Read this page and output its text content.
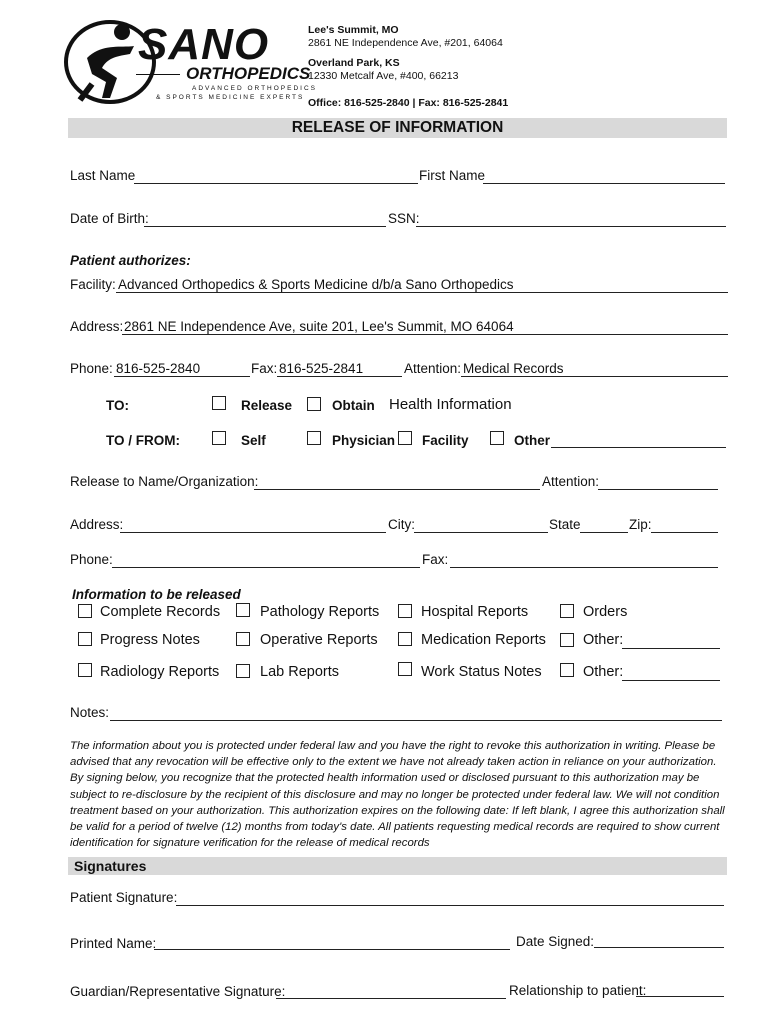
SANO
ORTHOPEDICS
ADVANCED ORTHOPEDICS
& SPORTS MEDICINE EXPERTS
Lee's Summit, MO
2861 NE Independence Ave, #201, 64064
Overland Park, KS
12330 Metcalf Ave, #400, 66213
Office: 816-525-2840 | Fax: 816-525-2841
RELEASE OF INFORMATION
Last Name	First Name
Date of Birth:	SSN:
Patient authorizes:
Facility: Advanced Orthopedics & Sports Medicine d/b/a Sano Orthopedics
Address: 2861 NE Independence Ave, suite 201, Lee's Summit, MO 64064
Phone: 816-525-2840	Fax: 816-525-2841	Attention: Medical Records
TO:	Release	Obtain Health Information
TO / FROM:	Self	Physician Facility	Other
Release to Name/Organization:	Attention:
Address:	City:	State	Zip:
Phone:	Fax:
Information to be released
Complete Records	Pathology Reports	Hospital Reports	Orders
Progress Notes	Operative Reports	Medication Reports	Other:
Radiology Reports	Lab Reports	Work Status Notes	Other:
Notes:
The information about you is protected under federal law and you have the right to revoke this authorization in writing. Please be advised that any revocation will be effective only to the extent we have not already taken action in reliance on your authorization. By signing below, you recognize that the protected health information used or disclosed pursuant to this authorization may be subject to re-disclosure by the recipient of this disclosure and may no longer be protected under federal law. We will not condition treatment based on your authorization. This authorization expires on the following date: If left blank, I agree this authorization shall be valid for a period of twelve (12) months from today's date. All patients requesting medical records are required to show current identification for signature verification for the release of medical records
Signatures
Patient Signature:
Printed Name:	Date Signed:
Guardian/Representative Signature:	Relationship to patient:
